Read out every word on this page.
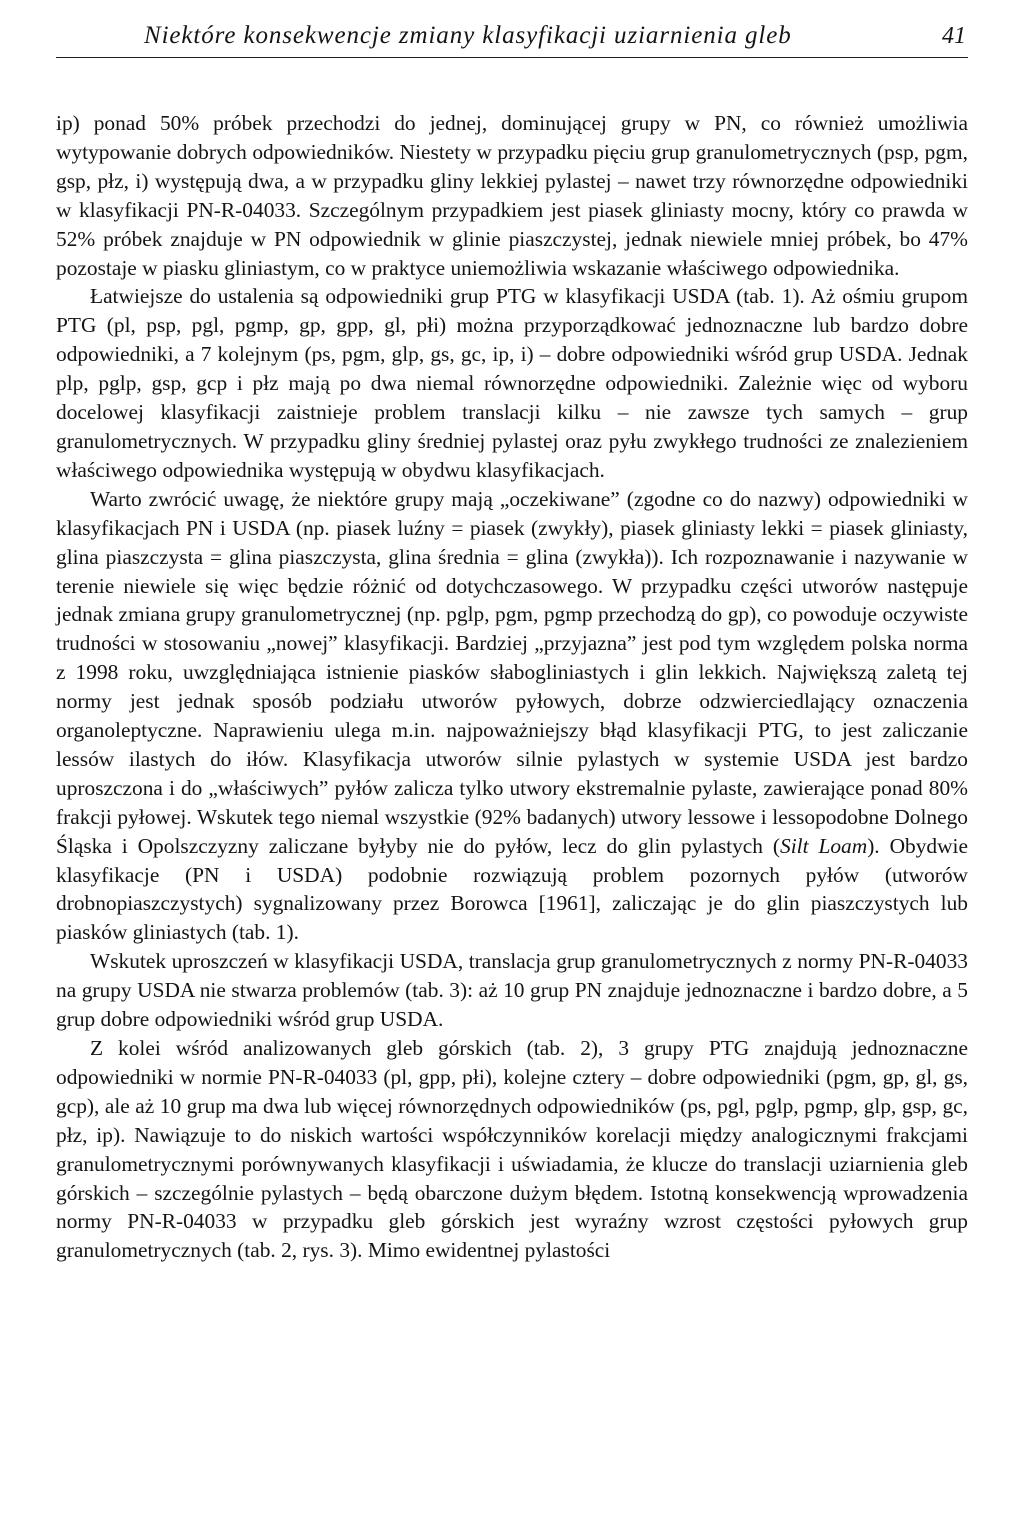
Niektóre konsekwencje zmiany klasyfikacji uziarnienia gleb	41

ip) ponad 50% próbek przechodzi do jednej, dominującej grupy w PN, co również umożliwia wytypowanie dobrych odpowiedników. Niestety w przypadku pięciu grup granulometrycznych (psp, pgm, gsp, płz, i) występują dwa, a w przypadku gliny lekkiej pylastej – nawet trzy równorzędne odpowiedniki w klasyfikacji PN-R-04033. Szczególnym przypadkiem jest piasek gliniasty mocny, który co prawda w 52% próbek znajduje w PN odpowiednik w glinie piaszczystej, jednak niewiele mniej próbek, bo 47% pozostaje w piasku gliniastym, co w praktyce uniemożliwia wskazanie właściwego odpowiednika.

Łatwiejsze do ustalenia są odpowiedniki grup PTG w klasyfikacji USDA (tab. 1). Aż ośmiu grupom PTG (pl, psp, pgl, pgmp, gp, gpp, gl, płi) można przyporządkować jednoznaczne lub bardzo dobre odpowiedniki, a 7 kolejnym (ps, pgm, glp, gs, gc, ip, i) – dobre odpowiedniki wśród grup USDA. Jednak plp, pglp, gsp, gcp i płz mają po dwa niemal równorzędne odpowiedniki. Zależnie więc od wyboru docelowej klasyfikacji zaistnieje problem translacji kilku – nie zawsze tych samych – grup granulometrycznych. W przypadku gliny średniej pylastej oraz pyłu zwykłego trudności ze znalezieniem właściwego odpowiednika występują w obydwu klasyfikacjach.

Warto zwrócić uwagę, że niektóre grupy mają „oczekiwane” (zgodne co do nazwy) odpowiedniki w klasyfikacjach PN i USDA (np. piasek luźny = piasek (zwykły), piasek gliniasty lekki = piasek gliniasty, glina piaszczysta = glina piaszczysta, glina średnia = glina (zwykła)). Ich rozpoznawanie i nazywanie w terenie niewiele się więc będzie różnić od dotychczasowego. W przypadku części utworów następuje jednak zmiana grupy granulometrycznej (np. pglp, pgm, pgmp przechodzą do gp), co powoduje oczywiste trudności w stosowaniu „nowej” klasyfikacji. Bardziej „przyjazna” jest pod tym względem polska norma z 1998 roku, uwzględniająca istnienie piasków słabogliniastych i glin lekkich. Największą zaletą tej normy jest jednak sposób podziału utworów pyłowych, dobrze odzwierciedlający oznaczenia organoleptyczne. Naprawieniu ulega m.in. najpoważniejszy błąd klasyfikacji PTG, to jest zaliczanie lessów ilastych do iłów. Klasyfikacja utworów silnie pylastych w systemie USDA jest bardzo uproszczona i do „właściwych” pyłów zalicza tylko utwory ekstremalnie pylaste, zawierające ponad 80% frakcji pyłowej. Wskutek tego niemal wszystkie (92% badanych) utwory lessowe i lessopodobne Dolnego Śląska i Opolszczyzny zaliczane byłyby nie do pyłów, lecz do glin pylastych (Silt Loam). Obydwie klasyfikacje (PN i USDA) podobnie rozwiązują problem pozornych pyłów (utworów drobnopiaszczystych) sygnalizowany przez Borowca [1961], zaliczając je do glin piaszczystych lub piasków gliniastych (tab. 1).

Wskutek uproszczeń w klasyfikacji USDA, translacja grup granulometrycznych z normy PN-R-04033 na grupy USDA nie stwarza problemów (tab. 3): aż 10 grup PN znajduje jednoznaczne i bardzo dobre, a 5 grup dobre odpowiedniki wśród grup USDA.

Z kolei wśród analizowanych gleb górskich (tab. 2), 3 grupy PTG znajdują jednoznaczne odpowiedniki w normie PN-R-04033 (pl, gpp, płi), kolejne cztery – dobre odpowiedniki (pgm, gp, gl, gs, gcp), ale aż 10 grup ma dwa lub więcej równorzędnych odpowiedników (ps, pgl, pglp, pgmp, glp, gsp, gc, płz, ip). Nawiązuje to do niskich wartości współczynników korelacji między analogicznymi frakcjami granulometrycznymi porównywanych klasyfikacji i uświadamia, że klucze do translacji uziarnienia gleb górskich – szczególnie pylastych – będą obarczone dużym błędem. Istotną konsekwencją wprowadzenia normy PN-R-04033 w przypadku gleb górskich jest wyraźny wzrost częstości pyłowych grup granulometrycznych (tab. 2, rys. 3). Mimo ewidentnej pylastości
